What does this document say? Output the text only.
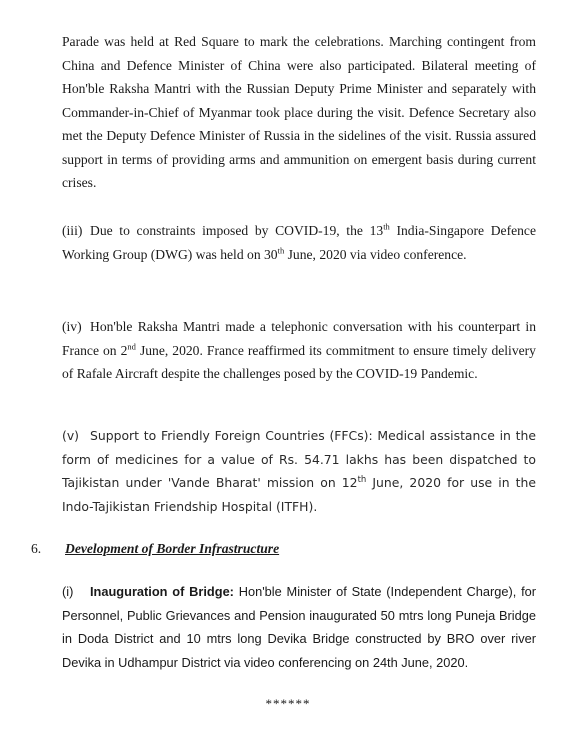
Parade was held at Red Square to mark the celebrations. Marching contingent from China and Defence Minister of China were also participated. Bilateral meeting of Hon'ble Raksha Mantri with the Russian Deputy Prime Minister and separately with Commander-in-Chief of Myanmar took place during the visit. Defence Secretary also met the Deputy Defence Minister of Russia in the sidelines of the visit. Russia assured support in terms of providing arms and ammunition on emergent basis during current crises.

(iii) Due to constraints imposed by COVID-19, the 13th India-Singapore Defence Working Group (DWG) was held on 30th June, 2020 via video conference.

(iv) Hon'ble Raksha Mantri made a telephonic conversation with his counterpart in France on 2nd June, 2020. France reaffirmed its commitment to ensure timely delivery of Rafale Aircraft despite the challenges posed by the COVID-19 Pandemic.

(v) Support to Friendly Foreign Countries (FFCs): Medical assistance in the form of medicines for a value of Rs. 54.71 lakhs has been dispatched to Tajikistan under 'Vande Bharat' mission on 12th June, 2020 for use in the Indo-Tajikistan Friendship Hospital (ITFH).

6. Development of Border Infrastructure

(i) Inauguration of Bridge: Hon'ble Minister of State (Independent Charge), for Personnel, Public Grievances and Pension inaugurated 50 mtrs long Puneja Bridge in Doda District and 10 mtrs long Devika Bridge constructed by BRO over river Devika in Udhampur District via video conferencing on 24th June, 2020.

******
